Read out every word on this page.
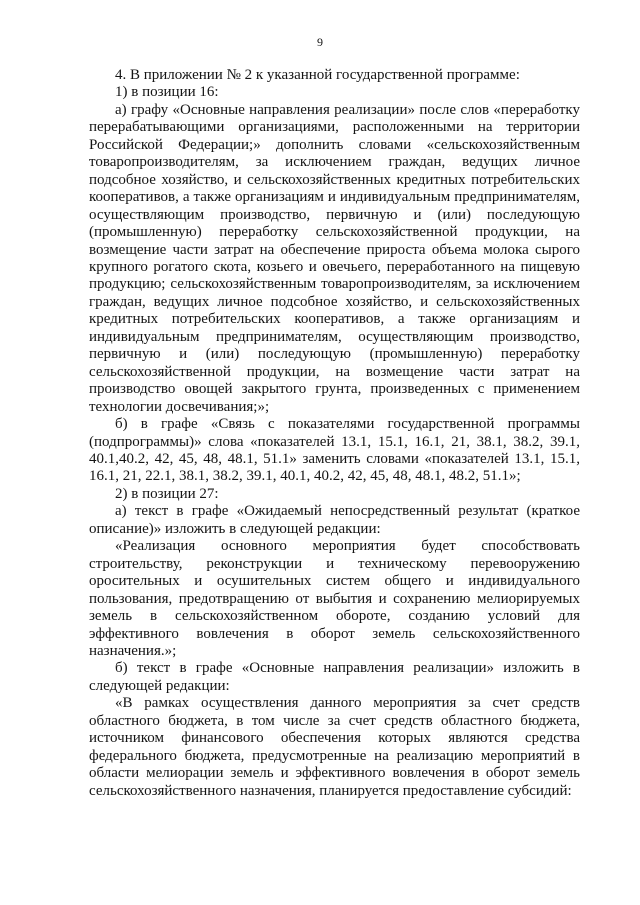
9

4. В приложении № 2 к указанной государственной программе:

1) в позиции 16:

а) графу «Основные направления реализации» после слов «переработку перерабатывающими организациями, расположенными на территории Российской Федерации;» дополнить словами «сельскохозяйственным товаропроизводителям, за исключением граждан, ведущих личное подсобное хозяйство, и сельскохозяйственных кредитных потребительских кооперативов, а также организациям и индивидуальным предпринимателям, осуществляющим производство, первичную и (или) последующую (промышленную) переработку сельскохозяйственной продукции, на возмещение части затрат на обеспечение прироста объема молока сырого крупного рогатого скота, козьего и овечьего, переработанного на пищевую продукцию; сельскохозяйственным товаропроизводителям, за исключением граждан, ведущих личное подсобное хозяйство, и сельскохозяйственных кредитных потребительских кооперативов, а также организациям и индивидуальным предпринимателям, осуществляющим производство, первичную и (или) последующую (промышленную) переработку сельскохозяйственной продукции, на возмещение части затрат на производство овощей закрытого грунта, произведенных с применением технологии досвечивания;»;

б) в графе «Связь с показателями государственной программы (подпрограммы)» слова «показателей 13.1, 15.1, 16.1, 21, 38.1, 38.2, 39.1, 40.1,40.2, 42, 45, 48, 48.1, 51.1» заменить словами «показателей 13.1, 15.1, 16.1, 21, 22.1, 38.1, 38.2, 39.1, 40.1, 40.2, 42, 45, 48, 48.1, 48.2, 51.1»;

2) в позиции 27:

а) текст в графе «Ожидаемый непосредственный результат (краткое описание)» изложить в следующей редакции:

«Реализация основного мероприятия будет способствовать строительству, реконструкции и техническому перевооружению оросительных и осушительных систем общего и индивидуального пользования, предотвращению от выбытия и сохранению мелиорируемых земель в сельскохозяйственном обороте, созданию условий для эффективного вовлечения в оборот земель сельскохозяйственного назначения.»;

б) текст в графе «Основные направления реализации» изложить в следующей редакции:

«В рамках осуществления данного мероприятия за счет средств областного бюджета, в том числе за счет средств областного бюджета, источником финансового обеспечения которых являются средства федерального бюджета, предусмотренные на реализацию мероприятий в области мелиорации земель и эффективного вовлечения в оборот земель сельскохозяйственного назначения, планируется предоставление субсидий:
